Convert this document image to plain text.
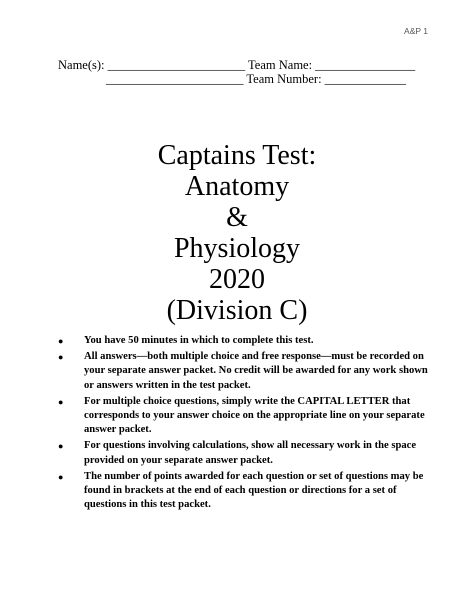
A&P 1
Name(s): ______________________ Team Name: ________________
______________________ Team Number: _____________
Captains Test:
Anatomy
&
Physiology
2020
(Division C)
● You have 50 minutes in which to complete this test.
● All answers—both multiple choice and free response—must be recorded on your separate answer packet. No credit will be awarded for any work shown or answers written in the test packet.
● For multiple choice questions, simply write the CAPITAL LETTER that corresponds to your answer choice on the appropriate line on your separate answer packet.
● For questions involving calculations, show all necessary work in the space provided on your separate answer packet.
● The number of points awarded for each question or set of questions may be found in brackets at the end of each question or directions for a set of questions in this test packet.
